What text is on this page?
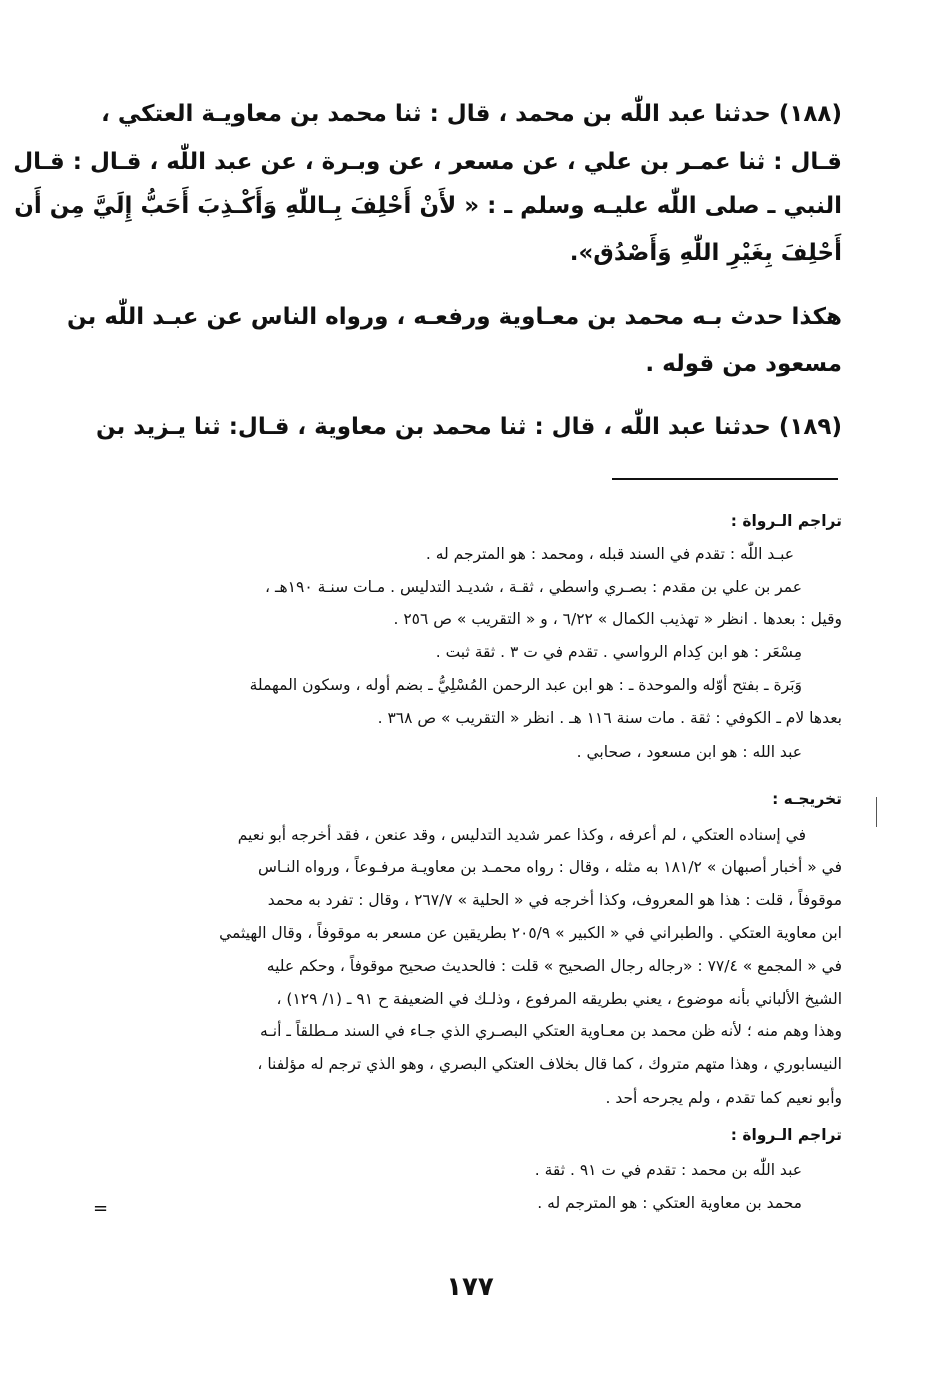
(١٨٨) حدثنا عبد اللّٰه بن محمد ، قال : ثنا محمد بن معاويـة العتكي ،
قـال : ثنا عمـر بن علي ، عن مسعر ، عن وبـرة ، عن عبد اللّٰه ، قـال : قـال
النبي ـ صلى اللّٰه عليـه وسلم ـ : « لأَنْ أَحْلِفَ بِـاللّٰهِ وَأَكْـذِبَ أَحَبُّ إِلَيَّ مِن أَن
أَحْلِفَ بِغَيْرِ اللّٰهِ وَأَصْدُق».
هكذا حدث بـه محمد بن معـاوية ورفعـه ، ورواه الناس عن عبـد اللّٰه بن
مسعود من قوله .
(١٨٩) حدثنا عبد اللّٰه ، قال : ثنا محمد بن معاوية ، قـال: ثنا يـزيد بن
تراجم الـرواة :
عبـد اللّٰه : تقدم في السند قبله ، ومحمد : هو المترجم له .
عمر بن علي بن مقدم : بصـري واسطي ، ثقـة ، شديـد التدليس . مـات سنـة ١٩٠هـ ،
وقيل : بعدها . انظر « تهذيب الكمال » ٦/٢٢ ، و « التقريب » ص ٢٥٦ .
مِسْعَر : هو ابن كِدام الرواسي . تقدم في ت ٣ . ثقة ثبت .
وَبَرة ـ بفتح أوّله والموحدة ـ : هو ابن عبد الرحمن المُسْلِيُّ ـ بضم أوله ، وسكون المهملة
بعدها لام ـ الكوفي : ثقة . مات سنة ١١٦ هـ . انظر « التقريب » ص ٣٦٨ .
عبد الله : هو ابن مسعود ، صحابي .
تخريجـه :
في إسناده العتكي ، لم أعرفه ، وكذا عمر شديد التدليس ، وقد عنعن ، فقد أخرجه أبو نعيم
في « أخبار أصبهان » ١٨١/٢ به مثله ، وقال : رواه محمـد بن معاويـة مرفـوعاً ، ورواه النـاس
موقوفاً ، قلت : هذا هو المعروف، وكذا أخرجه في « الحلية » ٢٦٧/٧ ، وقال : تفرد به محمد
ابن معاوية العتكي . والطبراني في « الكبير » ٢٠٥/٩ بطريقين عن مسعر به موقوفاً ، وقال الهيثمي
في « المجمع » ٧٧/٤ : «رجاله رجال الصحيح » قلت : فالحديث صحيح موقوفاً ، وحكم عليه
الشيخ الألباني بأنه موضوع ، يعني بطريقه المرفوع ، وذلـك في الضعيفة ح ٩١ ـ (١/ ١٢٩) ،
وهذا وهم منه ؛ لأنه ظن محمد بن معـاوية العتكي البصـري الذي جـاء في السند مـطلقاً ـ أنـه
النيسابوري ، وهذا متهم متروك ، كما قال بخلاف العتكي البصري ، وهو الذي ترجم له مؤلفنا ،
وأبو نعيم كما تقدم ، ولم يجرحه أحد .
تراجم الـرواة :
عبد اللّٰه بن محمد : تقدم في ت ٩١ . ثقة .
محمد بن معاوية العتكي : هو المترجم له .
=
١٧٧
